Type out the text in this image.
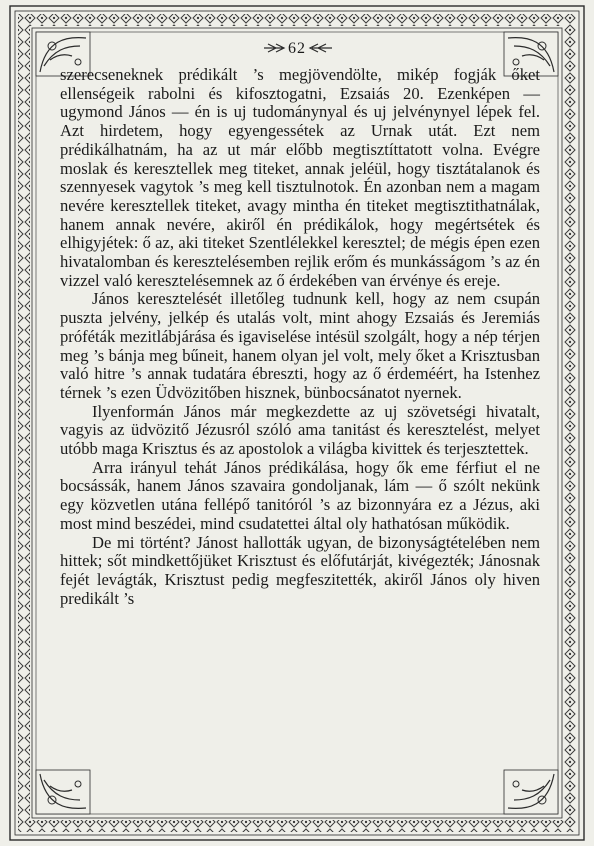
62

szerecseneknek prédikált ’s megjövendölte, mikép fogják őket ellenségeik rabolni és kifosztogatni, Ezsaiás 20. Ezenképen — ugymond János — én is uj tudománynyal és uj jelvénynyel lépek fel. Azt hirdetem, hogy egyengessétek az Urnak utát. Ezt nem prédikálhatnám, ha az ut már előbb megtisztíttatott volna. Evégre moslak és keresztellek meg titeket, annak jeléül, hogy tisztátalanok és szennyesek vagytok ’s meg kell tisztulnotok. Én azonban nem a magam nevére keresztellek titeket, avagy mintha én titeket megtisztithatnálak, hanem annak nevére, akiről én prédikálok, hogy megértsétek és elhigyjétek: ő az, aki titeket Szentlélekkel keresztel; de mégis épen ezen hivatalomban és keresztelésemben rejlik erőm és munkásságom ’s az én vizzel való keresztelésemnek az ő érdekében van érvénye és ereje.

János keresztelését illetőleg tudnunk kell, hogy az nem csupán puszta jelvény, jelkép és utalás volt, mint ahogy Ezsaiás és Jeremiás próféták mezitlábjárása és igaviselése intésül szolgált, hogy a nép térjen meg ’s bánja meg bűneit, hanem olyan jel volt, mely őket a Krisztusban való hitre ’s annak tudatára ébreszti, hogy az ő érdeméért, ha Istenhez térnek ’s ezen Üdvözitőben hisznek, bünbocsánatot nyernek.

Ilyenformán János már megkezdette az uj szövetségi hivatalt, vagyis az üdvözitő Jézusról szóló ama tanitást és keresztelést, melyet utóbb maga Krisztus és az apostolok a világba kivittek és terjesztettek.

Arra irányul tehát János prédikálása, hogy ők eme férfiut el ne bocsássák, hanem János szavaira gondoljanak, lám — ő szólt nekünk egy közvetlen utána fellépő tanitóról ’s az bizonnyára ez a Jézus, aki most mind beszédei, mind csudatettei által oly hathatósan működik.

De mi történt? Jánost hallották ugyan, de bizonyságtételében nem hittek; sőt mindkettőjüket Krisztust és előfutárját, kivégezték; Jánosnak fejét levágták, Krisztust pedig megfeszitették, akiről János oly hiven predikált ’s
